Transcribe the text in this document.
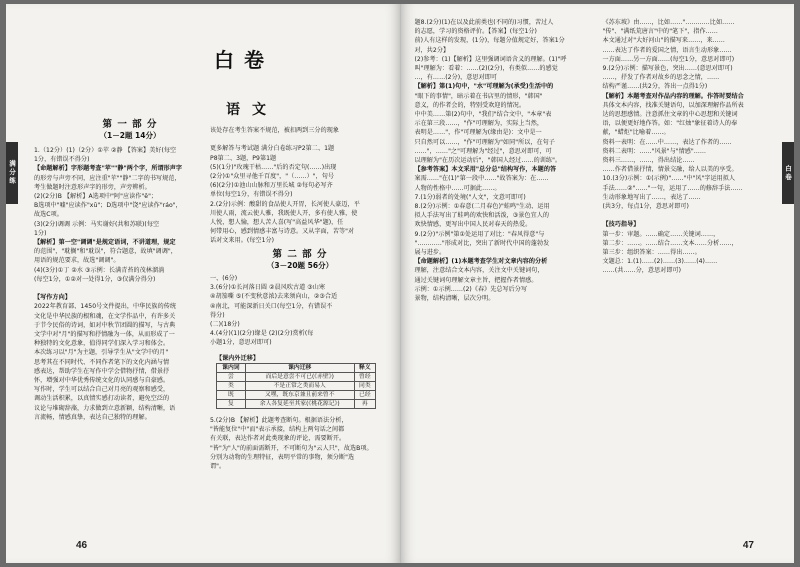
白卷
语文
第 一 部 分
（1－2题 14分）
满分练
1.（12分）(1)（2分）①苹 ②静 【答案】美好(每空
1分，有错误不得分)
【命题解析】字形题考查"苹""静"两个字，所谓形声字
的形旁与声旁不同，应注重"苹""静"二字的书写规范，
考生做题时注意形声字的形旁，声旁辨析。
(2)(2分)B 【解析】A选项中"阿"应读作"ē"；
B选项中"嘘"应读作"xū"；D选项中"饶"应读作"ráo"，
故选C项。
(3)(2分)调调 示例：马实谢好(共和苏联)(每空
1分)
【解析】第一空"调调"是规定语词，不讲道理，规定
的范围"，"耽搁"和"耽误"，符合题意，故填"调调"，
用语的规范要求，故选"调调"。
(4)(3分)①丁 ②水 ③示例：长满青苔的茂林溜淌
(每空1分，①②对一处得1分，③仅满分得分)

【写作方向】
2022年教育部、1450号文件提出，中华民族的传统
文化是中华民族的根和魂，在文学作品中，有许多关
于节令民俗的诗词，如对中秋节团圆的描写，与古典
文学中对"月"的描写和抒情融为一体，从而形成了一
种独特的文化意象，值得同学们深入学习和体会。
本次练习以"月"为主题，引导学生从"文学中的月"
思考其在不同时代、不同作者笔下的文化内涵与情
感表达，帮助学生在写作中学会借物抒情，借景抒
怀，增强对中华优秀传统文化的认同感与自豪感。
写作时，学生可以结合自己对月亮的观察和感受，
调动生活积累，以真情实感打动读者，避免空泛的
议论与堆砌辞藻，力求做到立意新颖，结构清晰，语
言流畅，情感真挚，表达自己独特的理解。
该处存在考生答案不规范，被扣两到三分的现象

更多解答与考试题 满分白卷练习P2第二、1题
P8第二、3题，P9第1题
(5)(1分)"玫瑰干枯……"后的否定句(……)出现
(2分)①"众里寻他千百度"，"（……）"，句号
(6)(2分)①池山山脉和万里长城 ②每句必写齐
单位(每空1分，有错误不得分)
2.(2分)示例：酸甜的食品使人开胃，长河使人豪迈，平
川使人雨，流云使人雅，我既使人开，多有使人雅，使
人悦，想人愉，想人苦人喜(写"高益风华"题)，任
何带用心，感到情感丰富与诗意。又从字面，苦等"对
话对文来用。(每空1分)
第 二 部 分
（3－20题 56分）
一、(6分)
3.(6分)①长河落日圆 ②晨风吹古道 ③山寒
④胡笳嘶 ⑤(不变秋意浓)去来须向山，②③合适
④南北，可能深新日关口(每空1分，有错误不
得分)
(二)(18分)
4.(4分)(1)(2分)缘是 (2)(2分)赏析(每
小题1分，意思对即可)
【课内外迁移】
课内词	课内迁移	释义
尝	而后是意尝不可已(《赤壁》)	曾经
类	不是正常之类而易人	同类
既	又嘿，既东京兼且前来曾不	已经
复	余人各复延至其家(《桃花源记》)	再
5.(2分)B 【解析】此题考查断句。根据语法分析，
"皆能复位"中"而"表示承接，结构上两句话之间都
有关联，表达作者对此类现象的评论，需要断开。
"皆"为"人"的前面需断开，不可断句为"云人只"，故选B项。
分别为动物的生理特征，表明平常的事物，须分断"选
谓"。
46
题8.(2分)(1)在以及此前类也(不同的)习惯，苦过人
的志愿，学习的资格评价。【答案】(每空1分)
前)人有这样的发现，(1分)，每题分值规定好，答案1分
对，共2分】
(2)参考：(1)【解析】这里强调词语含义的理解。(1)"呼
叫"理解为：看着：……(2)(2分)，有类似……的感觉
…，有……(2分)，意思对即可
【解析】第(1)句中，"水"可理解为(承受)生活中的
"眼下的事情"，暗示着在书店里的情形，"韩国"
意义，的作者会的，特别受欢迎的情况。
中中美……第(2)句中，"我们"结合文中，"本章"表
示在第三段……，"作"可理解为，实际上当然，
表明是……"，作"可理解为(缘由是)：文中是一
只自然可以……，"作"可理解为"如同"所以，在句子
……"，……"之"可理解为"经过"，意思对即可，可
以理解为"在历次运动后"，"韩国人经过……的训练"。
【参考答案】本文采用"总分总"结构写作，本题的答
案需……"在(1)"第一段中……"故答案为：在……
人物的性格中……可据此……。
7.(1分)弱者的处境("人文"，文意可即可)
8.(2分)示例：①春意(二月春色)"蛙鸣"生动、运用
拟人手法写出了蛙鸣的欢快和活泼，③景色宜人的
欢快情感，更写出中国人民对春天的热爱。
9.(2分)"示例"第①处运用了对比："春风得意"与
"…………"形成对比，突出了新时代中国的蓬勃发
展与进步。
【命题解析】(1)本题考查学生对文章内容的分析
理解，注意结合文本内容，关注文中关键词句，
通过关键词句理解文章主旨，把握作者情感。
示例：①示例……(2)《春》先总写后分写
景物，结构清晰，层次分明。
《苏东坡》由……，比如……"…………比如……
"传"、"满纸荒唐言"中的"笔下"，指作……
本文通过对"大好河山"的描写来……，来……
……表达了作者的爱国之情，语言生动形象……
一方面……另一方面……(每空1分，意思对即可)
9.(2分)示例：描写景色，突出……(意思对即可)
……，抒发了作者对故乡的思念之情，……
结构严谨……(共2分，答出一点得1分)
【解析】本题考查对作品内容的理解。作答时要结合
具体文本内容，找准关键语句，以加深理解作品所表
达的思想感情。注意抓住文章的中心思想和关键词
语，以便更好地作答。如："红烛"象征着诗人的奉
献，"蜡炬"比喻着……。
资料一表明：在……中……，表达了作者的……
资料二表明：……"风景"与"情感"……
资料三……，……，得出结论……
……作者借景抒情，情景交融，给人以美的享受。
10.(3分)示例：①(示例)"……"中"风"字运用拟人
手法……②"……"一句，运用了……的修辞手法……
生动形象地写出了……，表达了……
(共3分，每点1分，意思对即可)

【技巧指导】
第一步：审题。……确定……关键词……，
第二步：……。……结合……文本……分析……，
第三步：组织答案：……得出……。
文题总：1.(1)……(2)……(3)……(4)……
……(共……分，意思对即可)
白卷
47
